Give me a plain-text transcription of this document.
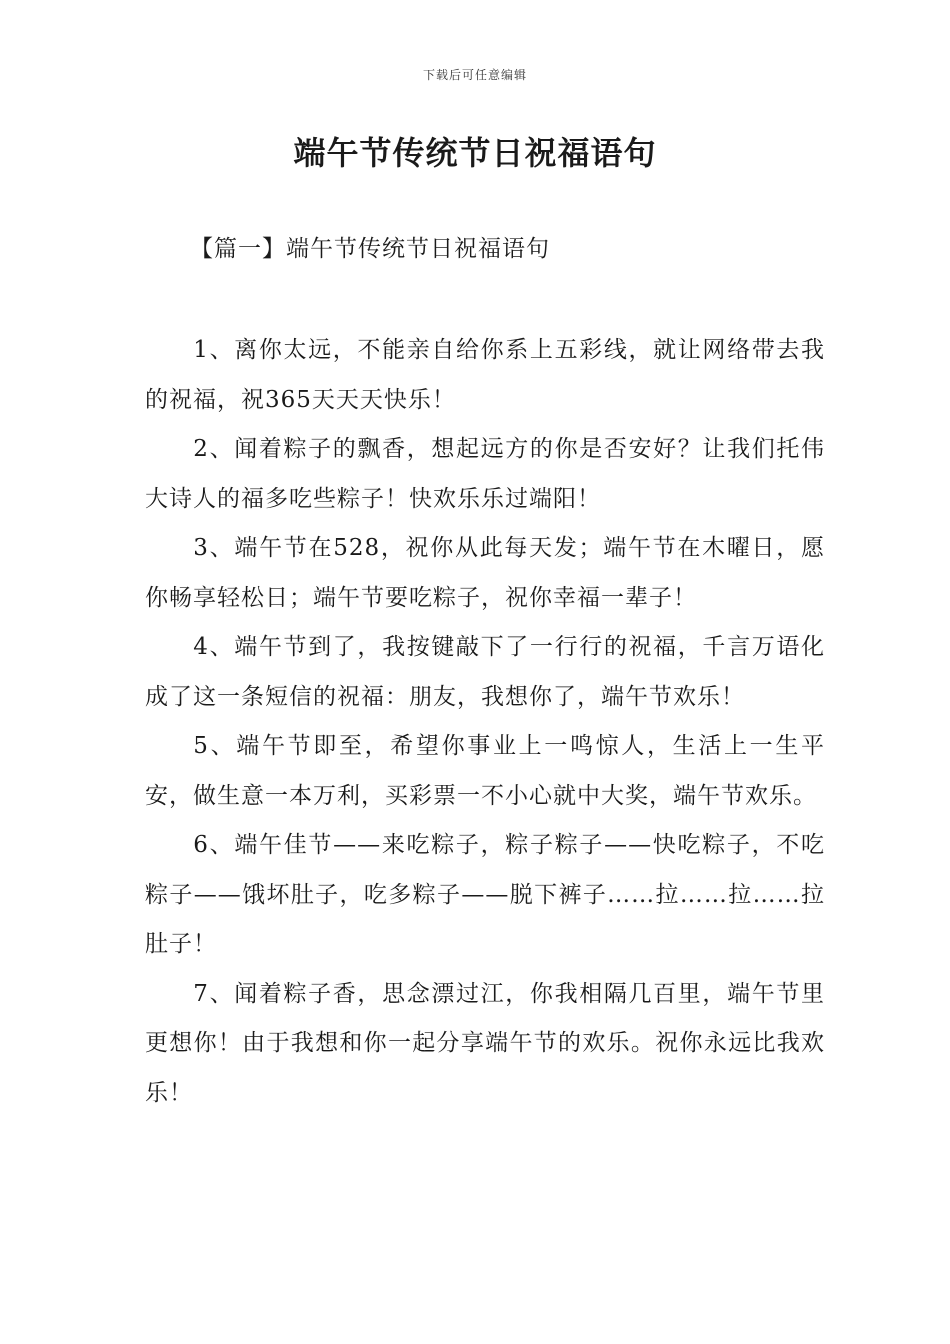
下载后可任意编辑
端午节传统节日祝福语句
【篇一】端午节传统节日祝福语句

1、离你太远，不能亲自给你系上五彩线，就让网络带去我的祝福，祝365天天天快乐！

2、闻着粽子的飘香，想起远方的你是否安好？让我们托伟大诗人的福多吃些粽子！快欢乐乐过端阳！

3、端午节在528，祝你从此每天发；端午节在木曜日，愿你畅享轻松日；端午节要吃粽子，祝你幸福一辈子！

4、端午节到了，我按键敲下了一行行的祝福，千言万语化成了这一条短信的祝福：朋友，我想你了，端午节欢乐！

5、端午节即至，希望你事业上一鸣惊人，生活上一生平安，做生意一本万利，买彩票一不小心就中大奖，端午节欢乐。

6、端午佳节——来吃粽子，粽子粽子——快吃粽子，不吃粽子——饿坏肚子，吃多粽子——脱下裤子……拉……拉……拉肚子！

7、闻着粽子香，思念漂过江，你我相隔几百里，端午节里更想你！由于我想和你一起分享端午节的欢乐。祝你永远比我欢乐！
